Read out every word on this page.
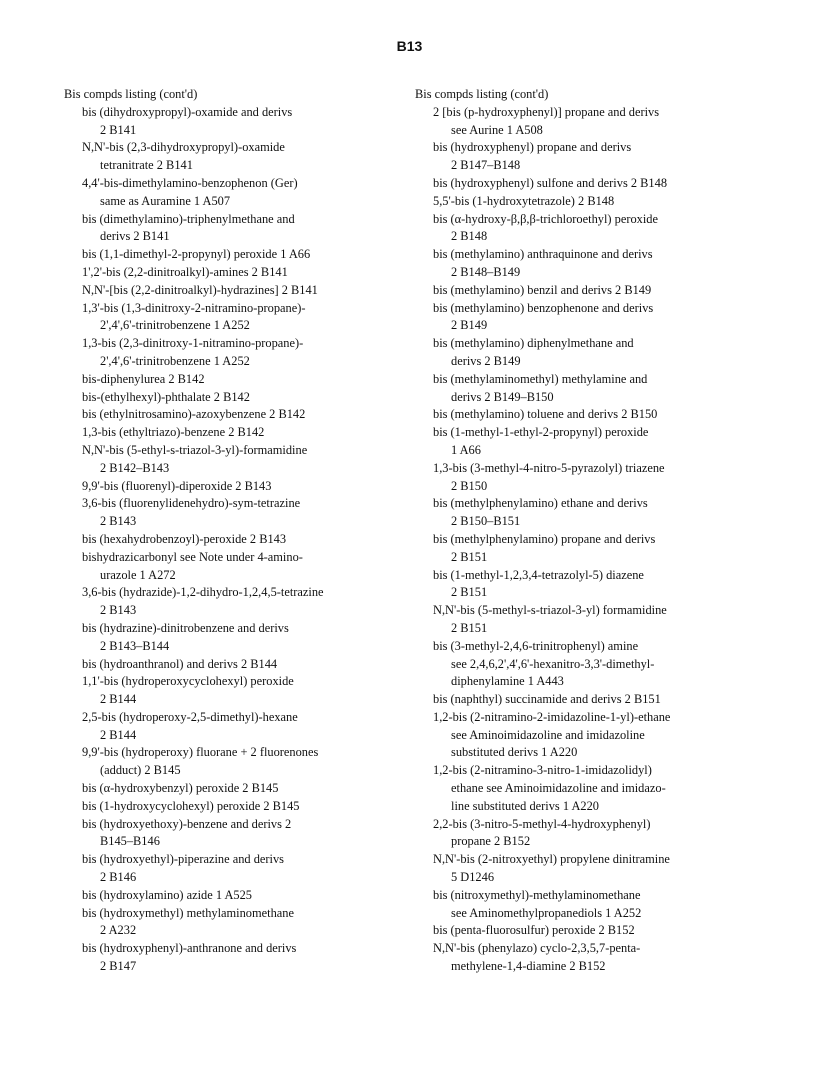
B13
Bis compds listing (cont'd)
bis (dihydroxypropyl)-oxamide and derivs
2 B141
N,N'-bis (2,3-dihydroxypropyl)-oxamide
tetranitrate 2 B141
4,4'-bis-dimethylamino-benzophenon (Ger)
same as Auramine 1 A507
bis (dimethylamino)-triphenylmethane and
derivs 2 B141
bis (1,1-dimethyl-2-propynyl) peroxide 1 A66
1',2'-bis (2,2-dinitroalkyl)-amines 2 B141
N,N'-[bis (2,2-dinitroalkyl)-hydrazines] 2 B141
1,3'-bis (1,3-dinitroxy-2-nitramino-propane)-
2',4',6'-trinitrobenzene 1 A252
1,3-bis (2,3-dinitroxy-1-nitramino-propane)-
2',4',6'-trinitrobenzene 1 A252
bis-diphenylurea 2 B142
bis-(ethylhexyl)-phthalate 2 B142
bis (ethylnitrosamino)-azoxybenzene 2 B142
1,3-bis (ethyltriazo)-benzene 2 B142
N,N'-bis (5-ethyl-s-triazol-3-yl)-formamidine
2 B142–B143
9,9'-bis (fluorenyl)-diperoxide 2 B143
3,6-bis (fluorenylidenehydro)-sym-tetrazine
2 B143
bis (hexahydrobenzoyl)-peroxide 2 B143
bishydrazicarbonyl see Note under 4-amino-
urazole 1 A272
3,6-bis (hydrazide)-1,2-dihydro-1,2,4,5-tetrazine
2 B143
bis (hydrazine)-dinitrobenzene and derivs
2 B143–B144
bis (hydroanthranol) and derivs 2 B144
1,1'-bis (hydroperoxycyclohexyl) peroxide
2 B144
2,5-bis (hydroperoxy-2,5-dimethyl)-hexane
2 B144
9,9'-bis (hydroperoxy) fluorane + 2 fluorenones
(adduct) 2 B145
bis (α-hydroxybenzyl) peroxide 2 B145
bis (1-hydroxycyclohexyl) peroxide 2 B145
bis (hydroxyethoxy)-benzene and derivs 2
B145–B146
bis (hydroxyethyl)-piperazine and derivs
2 B146
bis (hydroxylamino) azide 1 A525
bis (hydroxymethyl) methylaminomethane
2 A232
bis (hydroxyphenyl)-anthranone and derivs
2 B147
Bis compds listing (cont'd)
2 [bis (p-hydroxyphenyl)] propane and derivs
see Aurine 1 A508
bis (hydroxyphenyl) propane and derivs
2 B147–B148
bis (hydroxyphenyl) sulfone and derivs 2 B148
5,5'-bis (1-hydroxytetrazole) 2 B148
bis (α-hydroxy-β,β,β-trichloroethyl) peroxide
2 B148
bis (methylamino) anthraquinone and derivs
2 B148–B149
bis (methylamino) benzil and derivs 2 B149
bis (methylamino) benzophenone and derivs
2 B149
bis (methylamino) diphenylmethane and
derivs 2 B149
bis (methylaminomethyl) methylamine and
derivs 2 B149–B150
bis (methylamino) toluene and derivs 2 B150
bis (1-methyl-1-ethyl-2-propynyl) peroxide
1 A66
1,3-bis (3-methyl-4-nitro-5-pyrazolyl) triazene
2 B150
bis (methylphenylamino) ethane and derivs
2 B150–B151
bis (methylphenylamino) propane and derivs
2 B151
bis (1-methyl-1,2,3,4-tetrazolyl-5) diazene
2 B151
N,N'-bis (5-methyl-s-triazol-3-yl) formamidine
2 B151
bis (3-methyl-2,4,6-trinitrophenyl) amine
see 2,4,6,2',4',6'-hexanitro-3,3'-dimethyl-
diphenylamine 1 A443
bis (naphthyl) succinamide and derivs 2 B151
1,2-bis (2-nitramino-2-imidazoline-1-yl)-ethane
see Aminoimidazoline and imidazoline
substituted derivs 1 A220
1,2-bis (2-nitramino-3-nitro-1-imidazolidyl)
ethane see Aminoimidazoline and imidazo-
line substituted derivs 1 A220
2,2-bis (3-nitro-5-methyl-4-hydroxyphenyl)
propane 2 B152
N,N'-bis (2-nitroxyethyl) propylene dinitramine
5 D1246
bis (nitroxymethyl)-methylaminomethane
see Aminomethylpropanediols 1 A252
bis (penta-fluorosulfur) peroxide 2 B152
N,N'-bis (phenylazo) cyclo-2,3,5,7-penta-
methylene-1,4-diamine 2 B152
